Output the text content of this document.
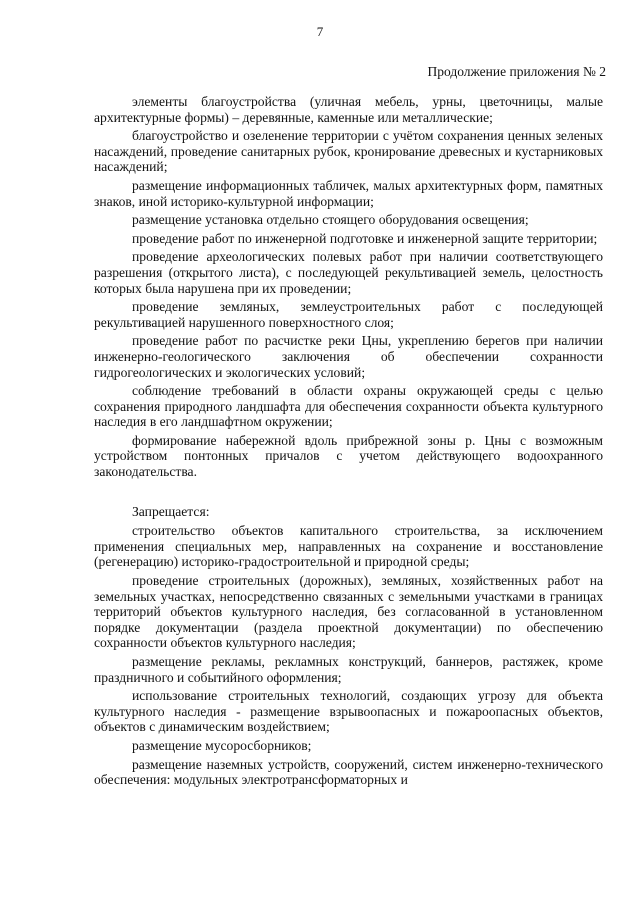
7
Продолжение приложения № 2

элементы благоустройства (уличная мебель, урны, цветочницы, малые архитектурные формы) – деревянные, каменные или металлические;

благоустройство и озеленение территории с учётом сохранения ценных зеленых насаждений, проведение санитарных рубок, кронирование древесных и кустарниковых насаждений;

размещение информационных табличек, малых архитектурных форм, памятных знаков, иной историко-культурной информации;

размещение установка отдельно стоящего оборудования освещения;

проведение работ по инженерной подготовке и инженерной защите территории;

проведение археологических полевых работ при наличии соответствующего разрешения (открытого листа), с последующей рекультивацией земель, целостность которых была нарушена при их проведении;

проведение земляных, землеустроительных работ с последующей рекультивацией нарушенного поверхностного слоя;

проведение работ по расчистке реки Цны, укреплению берегов при наличии инженерно-геологического заключения об обеспечении сохранности гидрогеологических и экологических условий;

соблюдение требований в области охраны окружающей среды с целью сохранения природного ландшафта для обеспечения сохранности объекта культурного наследия в его ландшафтном окружении;

формирование набережной вдоль прибрежной зоны р. Цны с возможным устройством понтонных причалов с учетом действующего водоохранного законодательства.

Запрещается:

строительство объектов капитального строительства, за исключением применения специальных мер, направленных на сохранение и восстановление (регенерацию) историко-градостроительной и природной среды;

проведение строительных (дорожных), земляных, хозяйственных работ на земельных участках, непосредственно связанных с земельными участками в границах территорий объектов культурного наследия, без согласованной в установленном порядке документации (раздела проектной документации) по обеспечению сохранности объектов культурного наследия;

размещение рекламы, рекламных конструкций, баннеров, растяжек, кроме праздничного и событийного оформления;

использование строительных технологий, создающих угрозу для объекта культурного наследия - размещение взрывоопасных и пожароопасных объектов, объектов с динамическим воздействием;

размещение мусоросборников;

размещение наземных устройств, сооружений, систем инженерно-технического обеспечения: модульных электротрансформаторных и
